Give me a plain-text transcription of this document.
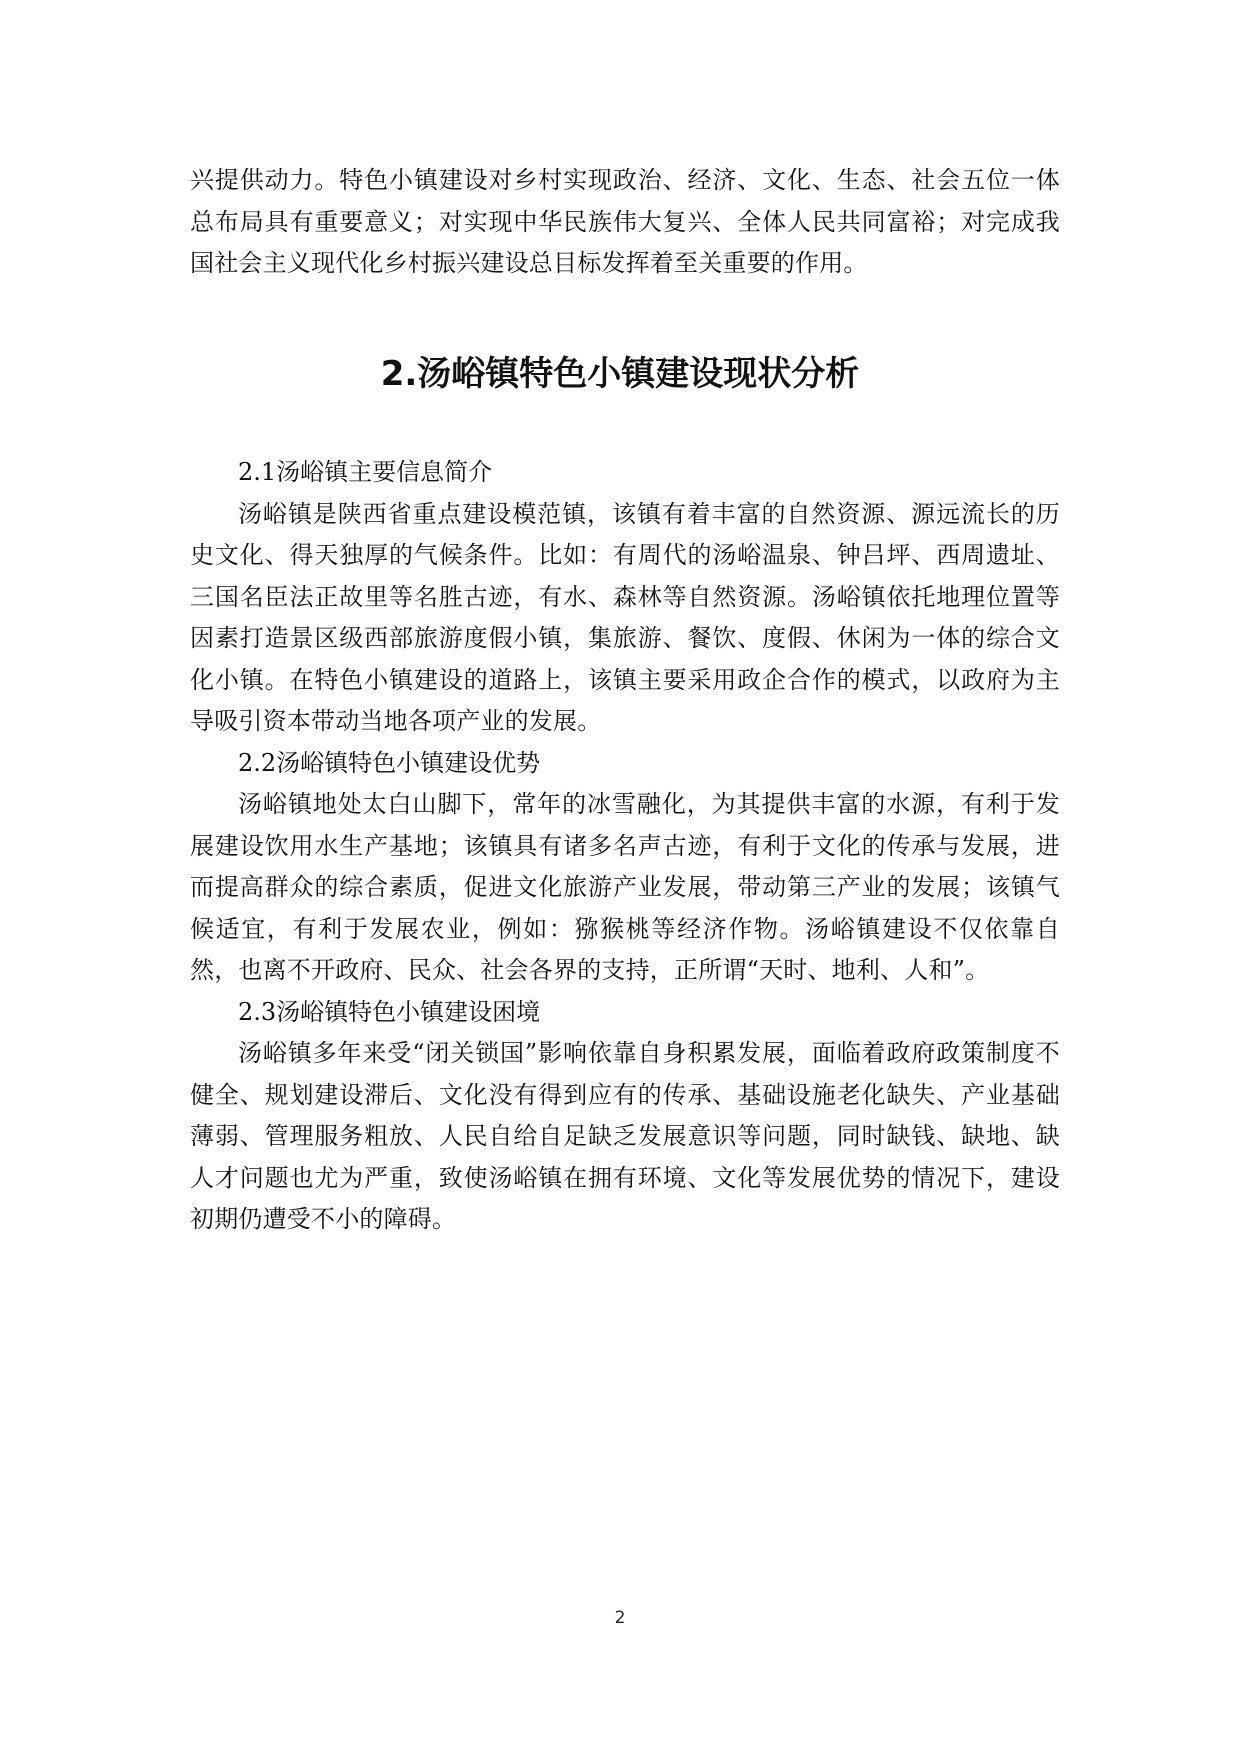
兴提供动力。特色小镇建设对乡村实现政治、经济、文化、生态、社会五位一体总布局具有重要意义；对实现中华民族伟大复兴、全体人民共同富裕；对完成我国社会主义现代化乡村振兴建设总目标发挥着至关重要的作用。

2.汤峪镇特色小镇建设现状分析

2.1汤峪镇主要信息简介

汤峪镇是陕西省重点建设模范镇，该镇有着丰富的自然资源、源远流长的历史文化、得天独厚的气候条件。比如：有周代的汤峪温泉、钟吕坪、西周遗址、三国名臣法正故里等名胜古迹，有水、森林等自然资源。汤峪镇依托地理位置等因素打造景区级西部旅游度假小镇，集旅游、餐饮、度假、休闲为一体的综合文化小镇。在特色小镇建设的道路上，该镇主要采用政企合作的模式，以政府为主导吸引资本带动当地各项产业的发展。

2.2汤峪镇特色小镇建设优势

汤峪镇地处太白山脚下，常年的冰雪融化，为其提供丰富的水源，有利于发展建设饮用水生产基地；该镇具有诸多名声古迹，有利于文化的传承与发展，进而提高群众的综合素质，促进文化旅游产业发展，带动第三产业的发展；该镇气候适宜，有利于发展农业，例如：猕猴桃等经济作物。汤峪镇建设不仅依靠自然，也离不开政府、民众、社会各界的支持，正所谓“天时、地利、人和”。

2.3汤峪镇特色小镇建设困境

汤峪镇多年来受“闭关锁国”影响依靠自身积累发展，面临着政府政策制度不健全、规划建设滞后、文化没有得到应有的传承、基础设施老化缺失、产业基础薄弱、管理服务粗放、人民自给自足缺乏发展意识等问题，同时缺钱、缺地、缺人才问题也尤为严重，致使汤峪镇在拥有环境、文化等发展优势的情况下，建设初期仍遭受不小的障碍。

2
